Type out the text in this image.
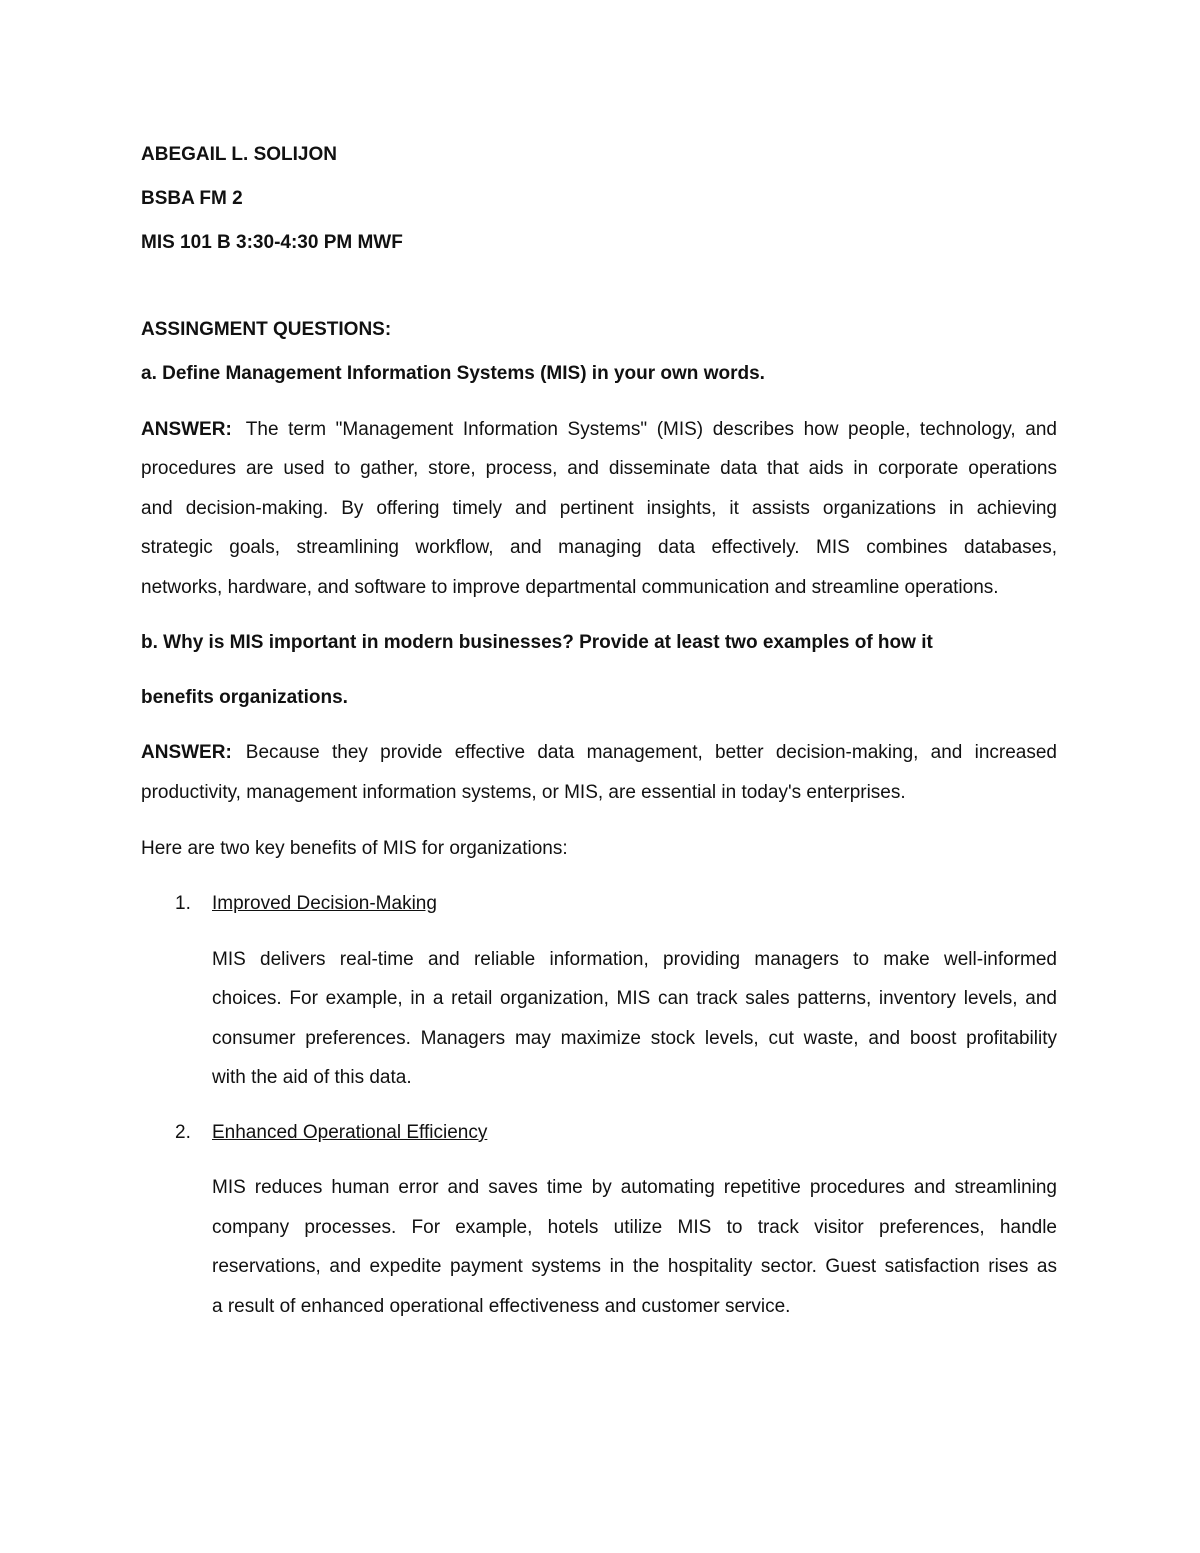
ABEGAIL L. SOLIJON
BSBA FM 2
MIS 101 B 3:30-4:30 PM MWF
ASSINGMENT QUESTIONS:
a. Define Management Information Systems (MIS) in your own words.
ANSWER: The term "Management Information Systems" (MIS) describes how people, technology, and
procedures are used to gather, store, process, and disseminate data that aids in corporate operations
and decision-making. By offering timely and pertinent insights, it assists organizations in achieving
strategic goals, streamlining workflow, and managing data effectively. MIS combines databases,
networks, hardware, and software to improve departmental communication and streamline operations.
b. Why is MIS important in modern businesses? Provide at least two examples of how it
benefits organizations.
ANSWER: Because they provide effective data management, better decision-making, and increased
productivity, management information systems, or MIS, are essential in today's enterprises.
Here are two key benefits of MIS for organizations:
1. Improved Decision-Making
MIS delivers real-time and reliable information, providing managers to make well-informed
choices. For example, in a retail organization, MIS can track sales patterns, inventory levels, and
consumer preferences. Managers may maximize stock levels, cut waste, and boost profitability
with the aid of this data.
2. Enhanced Operational Efficiency
MIS reduces human error and saves time by automating repetitive procedures and streamlining
company processes. For example, hotels utilize MIS to track visitor preferences, handle
reservations, and expedite payment systems in the hospitality sector. Guest satisfaction rises as
a result of enhanced operational effectiveness and customer service.
